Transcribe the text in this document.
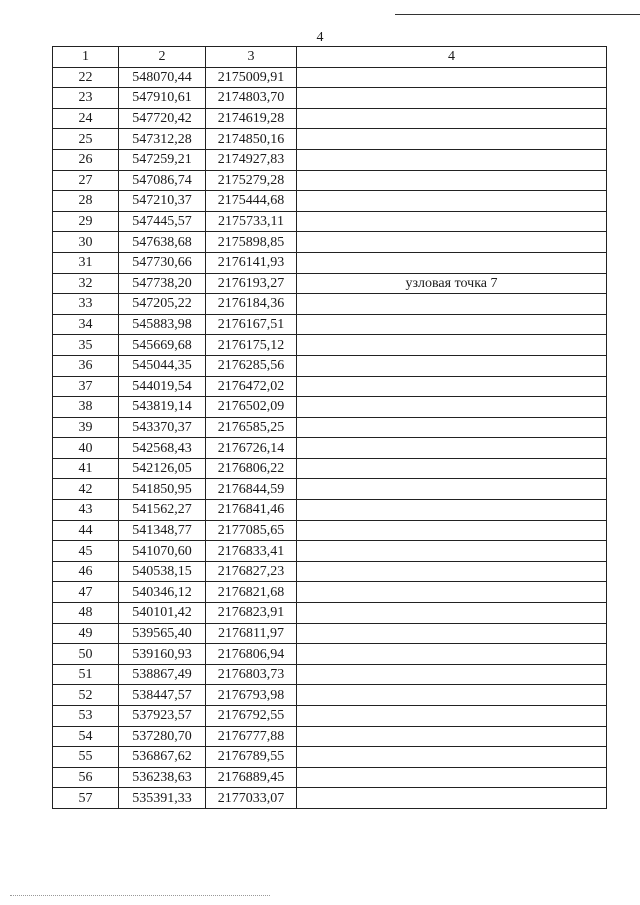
4
1	2	3	4
22	548070,44	2175009,91	
23	547910,61	2174803,70	
24	547720,42	2174619,28	
25	547312,28	2174850,16	
26	547259,21	2174927,83	
27	547086,74	2175279,28	
28	547210,37	2175444,68	
29	547445,57	2175733,11	
30	547638,68	2175898,85	
31	547730,66	2176141,93	
32	547738,20	2176193,27	узловая точка 7
33	547205,22	2176184,36	
34	545883,98	2176167,51	
35	545669,68	2176175,12	
36	545044,35	2176285,56	
37	544019,54	2176472,02	
38	543819,14	2176502,09	
39	543370,37	2176585,25	
40	542568,43	2176726,14	
41	542126,05	2176806,22	
42	541850,95	2176844,59	
43	541562,27	2176841,46	
44	541348,77	2177085,65	
45	541070,60	2176833,41	
46	540538,15	2176827,23	
47	540346,12	2176821,68	
48	540101,42	2176823,91	
49	539565,40	2176811,97	
50	539160,93	2176806,94	
51	538867,49	2176803,73	
52	538447,57	2176793,98	
53	537923,57	2176792,55	
54	537280,70	2176777,88	
55	536867,62	2176789,55	
56	536238,63	2176889,45	
57	535391,33	2177033,07	
